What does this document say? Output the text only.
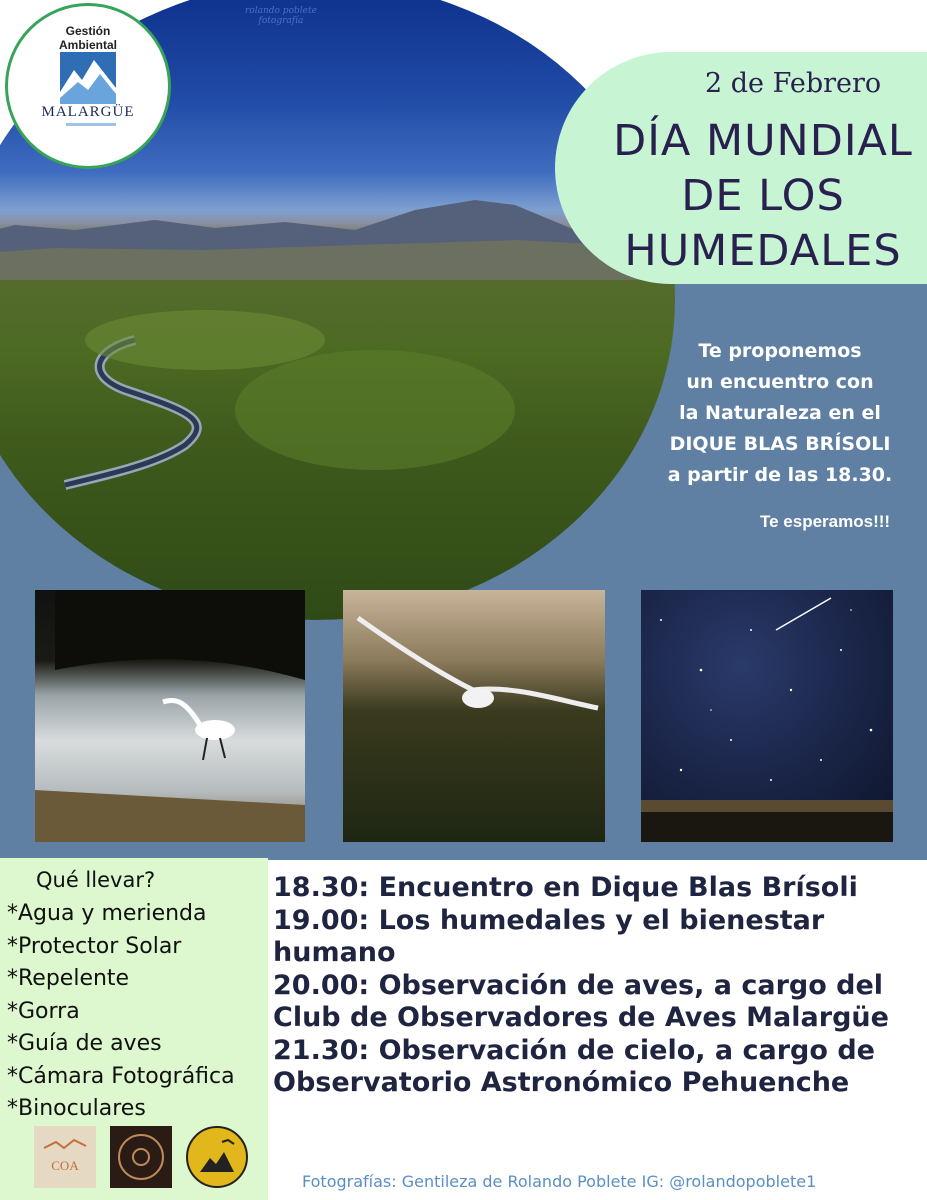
rolando poblete
fotografía
Gestión
Ambiental
MALARGÜE
2 de Febrero
DÍA MUNDIAL
DE LOS
HUMEDALES
Te proponemos
un encuentro con
la Naturaleza en el
DIQUE BLAS BRÍSOLI
a partir de las 18.30.
Te esperamos!!!
Qué llevar?
*Agua y merienda
*Protector Solar
*Repelente
*Gorra
*Guía de aves
*Cámara Fotográfica
*Binoculares
COA
18.30: Encuentro en Dique Blas Brísoli
19.00: Los humedales y el bienestar humano
20.00: Observación de aves, a cargo del Club de Observadores de Aves Malargüe
21.30: Observación de cielo, a cargo de Observatorio Astronómico Pehuenche
Fotografías: Gentileza de Rolando Poblete IG: @rolandopoblete1
